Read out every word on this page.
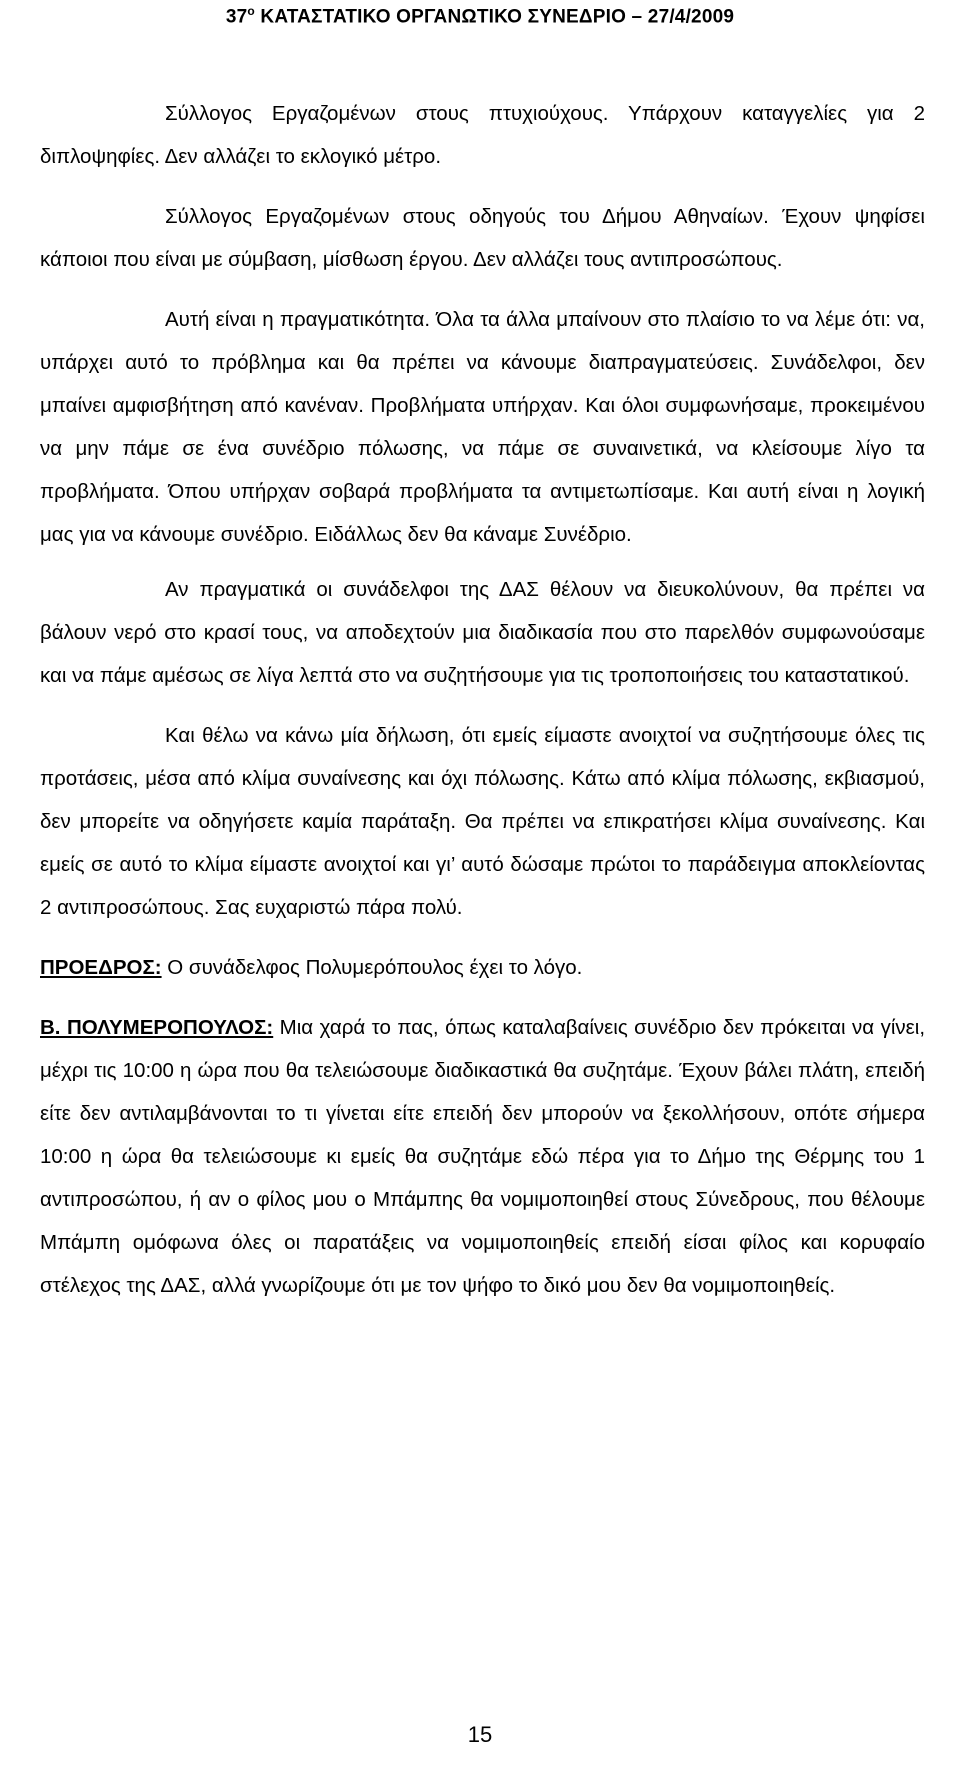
37$^o$ ΚΑΤΑΣΤΑΤΙΚΟ ΟΡΓΑΝΩΤΙΚΟ ΣΥΝΕΔΡΙΟ – 27/4/2009

Σύλλογος Εργαζομένων στους πτυχιούχους. Υπάρχουν καταγγελίες για 2 διπλοψηφίες. Δεν αλλάζει το εκλογικό μέτρο.

Σύλλογος Εργαζομένων στους οδηγούς του Δήμου Αθηναίων. Έχουν ψηφίσει κάποιοι που είναι με σύμβαση, μίσθωση έργου. Δεν αλλάζει τους αντιπροσώπους.

Αυτή είναι η πραγματικότητα. Όλα τα άλλα μπαίνουν στο πλαίσιο το να λέμε ότι: να, υπάρχει αυτό το πρόβλημα και θα πρέπει να κάνουμε διαπραγματεύσεις. Συνάδελφοι, δεν μπαίνει αμφισβήτηση από κανέναν. Προβλήματα υπήρχαν. Και όλοι συμφωνήσαμε, προκειμένου να μην πάμε σε ένα συνέδριο πόλωσης, να πάμε σε συναινετικά, να κλείσουμε λίγο τα προβλήματα. Όπου υπήρχαν σοβαρά προβλήματα τα αντιμετωπίσαμε. Και αυτή είναι η λογική μας για να κάνουμε συνέδριο. Ειδάλλως δεν θα κάναμε Συνέδριο.

Αν πραγματικά οι συνάδελφοι της ΔΑΣ θέλουν να διευκολύνουν, θα πρέπει να βάλουν νερό στο κρασί τους, να αποδεχτούν μια διαδικασία που στο παρελθόν συμφωνούσαμε και να πάμε αμέσως σε λίγα λεπτά στο να συζητήσουμε για τις τροποποιήσεις του καταστατικού.

Και θέλω να κάνω μία δήλωση, ότι εμείς είμαστε ανοιχτοί να συζητήσουμε όλες τις προτάσεις, μέσα από κλίμα συναίνεσης και όχι πόλωσης. Κάτω από κλίμα πόλωσης, εκβιασμού, δεν μπορείτε να οδηγήσετε καμία παράταξη. Θα πρέπει να επικρατήσει κλίμα συναίνεσης. Και εμείς σε αυτό το κλίμα είμαστε ανοιχτοί και γι’ αυτό δώσαμε πρώτοι το παράδειγμα αποκλείοντας 2 αντιπροσώπους. Σας ευχαριστώ πάρα πολύ.

ΠΡΟΕΔΡΟΣ: Ο συνάδελφος Πολυμερόπουλος έχει το λόγο.

Β. ΠΟΛΥΜΕΡΟΠΟΥΛΟΣ: Μια χαρά το πας, όπως καταλαβαίνεις συνέδριο δεν πρόκειται να γίνει, μέχρι τις 10:00 η ώρα που θα τελειώσουμε διαδικαστικά θα συζητάμε. Έχουν βάλει πλάτη, επειδή είτε δεν αντιλαμβάνονται το τι γίνεται είτε επειδή δεν μπορούν να ξεκολλήσουν, οπότε σήμερα 10:00 η ώρα θα τελειώσουμε κι εμείς θα συζητάμε εδώ πέρα για το Δήμο της Θέρμης του 1 αντιπροσώπου, ή αν ο φίλος μου ο Μπάμπης θα νομιμοποιηθεί στους Σύνεδρους, που θέλουμε Μπάμπη ομόφωνα όλες οι παρατάξεις να νομιμοποιηθείς επειδή είσαι φίλος και κορυφαίο στέλεχος της ΔΑΣ, αλλά γνωρίζουμε ότι με τον ψήφο το δικό μου δεν θα νομιμοποιηθείς.

15
